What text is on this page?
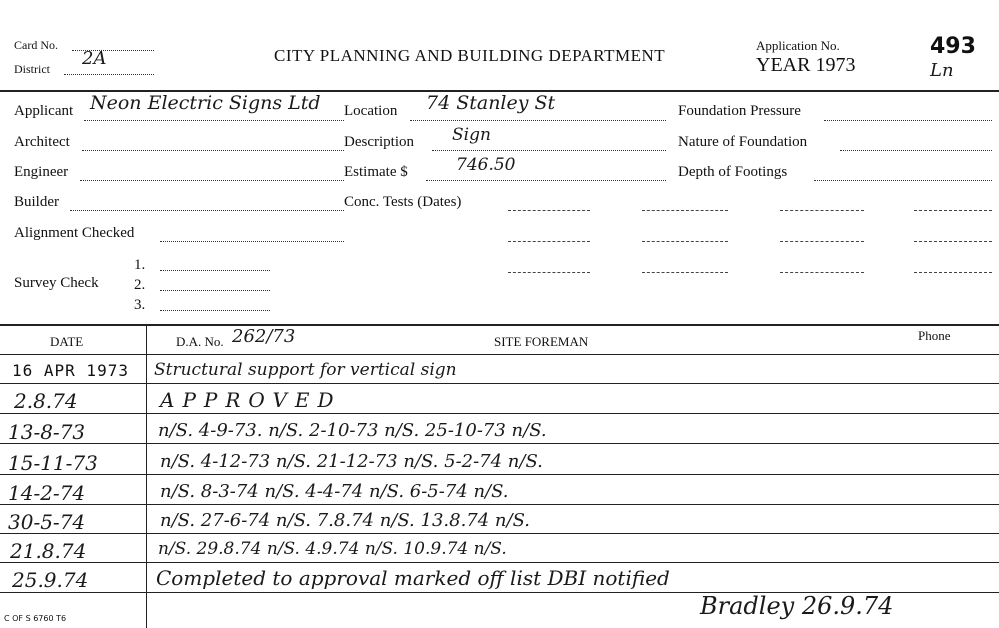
Card No.
2A
District
CITY PLANNING AND BUILDING DEPARTMENT
Application No.
YEAR 1973
493
Ln
Applicant Neon Electric Signs Ltd Location 74 Stanley St	Foundation Pressure
Architect	Description Sign	Nature of Foundation
Engineer	Estimate $	746.50	Depth of Footings
Builder	Conc. Tests (Dates)
Alignment Checked
1.
Survey Check 2.
3.
DATE	D.A. No. 262/73	SITE FOREMAN	Phone
16 APR 1973 Structural support for vertical sign
2.8.74	APPROVED
13-8-73	n/S. 4-9-73. n/S. 2-10-73 n/S. 25-10-73 n/S.
15-11-73	n/S. 4-12-73 n/S. 21-12-73 n/S. 5-2-74 n/S.
14-2-74	n/S. 8-3-74 n/S. 4-4-74 n/S. 6-5-74 n/S.
30-5-74	n/S. 27-6-74 n/S. 7.8.74 n/S. 13.8.74 n/S.
21.8.74	n/S. 29.8.74 n/S. 4.9.74 n/S. 10.9.74 n/S.
25.9.74	Completed to approval marked off list DBI notified
Bradley 26.9.74
C OF S 6760 T6
